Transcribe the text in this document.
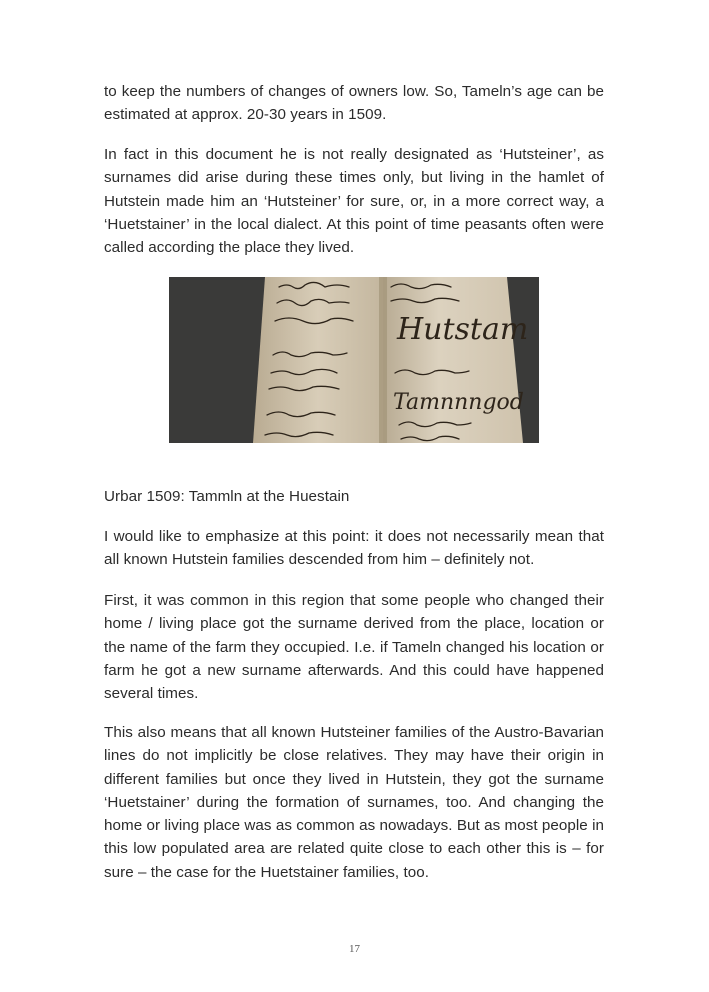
to keep the numbers of changes of owners low. So, Tameln’s age can be estimated at approx. 20-30 years in 1509.

In fact in this document he is not really designated as ‘Hutsteiner’, as surnames did arise during these times only, but living in the hamlet of Hutstein made him an ‘Hutsteiner’ for sure, or, in a more correct way, a ‘Huetstainer’ in the local dialect. At this point of time peasants often were called according the place they lived.

Hutstam
Tamnnngod

Urbar 1509: Tammln at the Huestain

I would like to emphasize at this point: it does not necessarily mean that all known Hutstein families descended from him – definitely not.

First, it was common in this region that some people who changed their home / living place got the surname derived from the place, location or the name of the farm they occupied. I.e. if Tameln changed his location or farm he got a new surname afterwards. And this could have happened several times.

This also means that all known Hutsteiner families of the Austro-Bavarian lines do not implicitly be close relatives. They may have their origin in different families but once they lived in Hutstein, they got the surname ‘Huetstainer’ during the formation of surnames, too. And changing the home or living place was as common as nowadays. But as most people in this low populated area are related quite close to each other this is – for sure – the case for the Huetstainer families, too.

17
